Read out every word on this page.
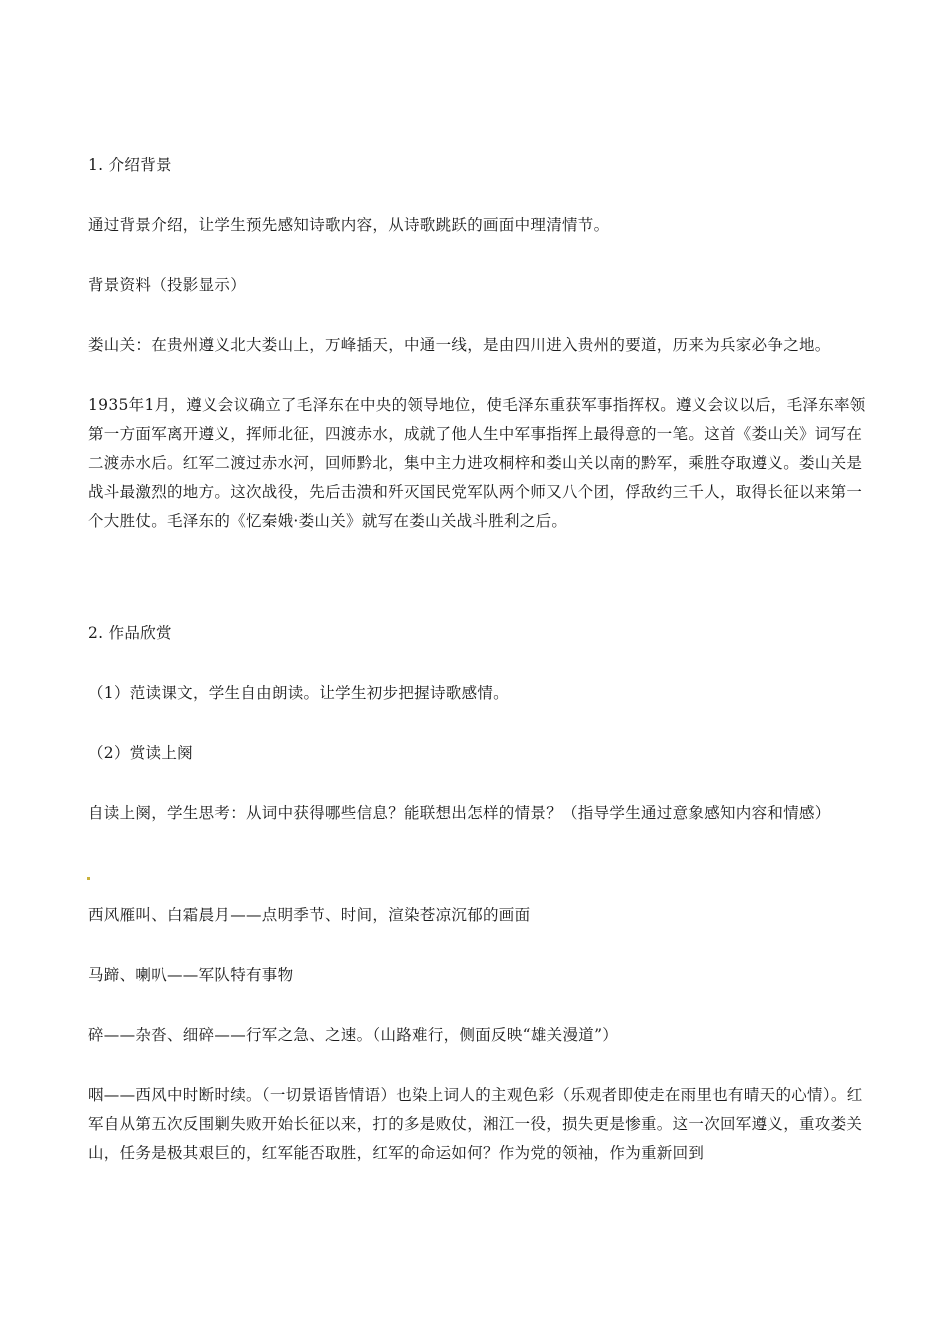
1. 介绍背景

通过背景介绍，让学生预先感知诗歌内容，从诗歌跳跃的画面中理清情节。

背景资料（投影显示）

娄山关：在贵州遵义北大娄山上，万峰插天，中通一线，是由四川进入贵州的要道，历来为兵家必争之地。

1935年1月，遵义会议确立了毛泽东在中央的领导地位，使毛泽东重获军事指挥权。遵义会议以后，毛泽东率领第一方面军离开遵义，挥师北征，四渡赤水，成就了他人生中军事指挥上最得意的一笔。这首《娄山关》词写在二渡赤水后。红军二渡过赤水河，回师黔北，集中主力进攻桐梓和娄山关以南的黔军，乘胜夺取遵义。娄山关是战斗最激烈的地方。这次战役，先后击溃和歼灭国民党军队两个师又八个团，俘敌约三千人，取得长征以来第一个大胜仗。毛泽东的《忆秦娥·娄山关》就写在娄山关战斗胜利之后。

2. 作品欣赏

（1）范读课文，学生自由朗读。让学生初步把握诗歌感情。

（2）赏读上阕

自读上阕，学生思考：从词中获得哪些信息？能联想出怎样的情景？（指导学生通过意象感知内容和情感）

西风雁叫、白霜晨月——点明季节、时间，渲染苍凉沉郁的画面

马蹄、喇叭——军队特有事物

碎——杂沓、细碎——行军之急、之速。（山路难行，侧面反映“雄关漫道”）

咽——西风中时断时续。（一切景语皆情语）也染上词人的主观色彩（乐观者即使走在雨里也有晴天的心情）。红军自从第五次反围剿失败开始长征以来，打的多是败仗，湘江一役，损失更是惨重。这一次回军遵义，重攻娄关山，任务是极其艰巨的，红军能否取胜，红军的命运如何？作为党的领袖，作为重新回到
